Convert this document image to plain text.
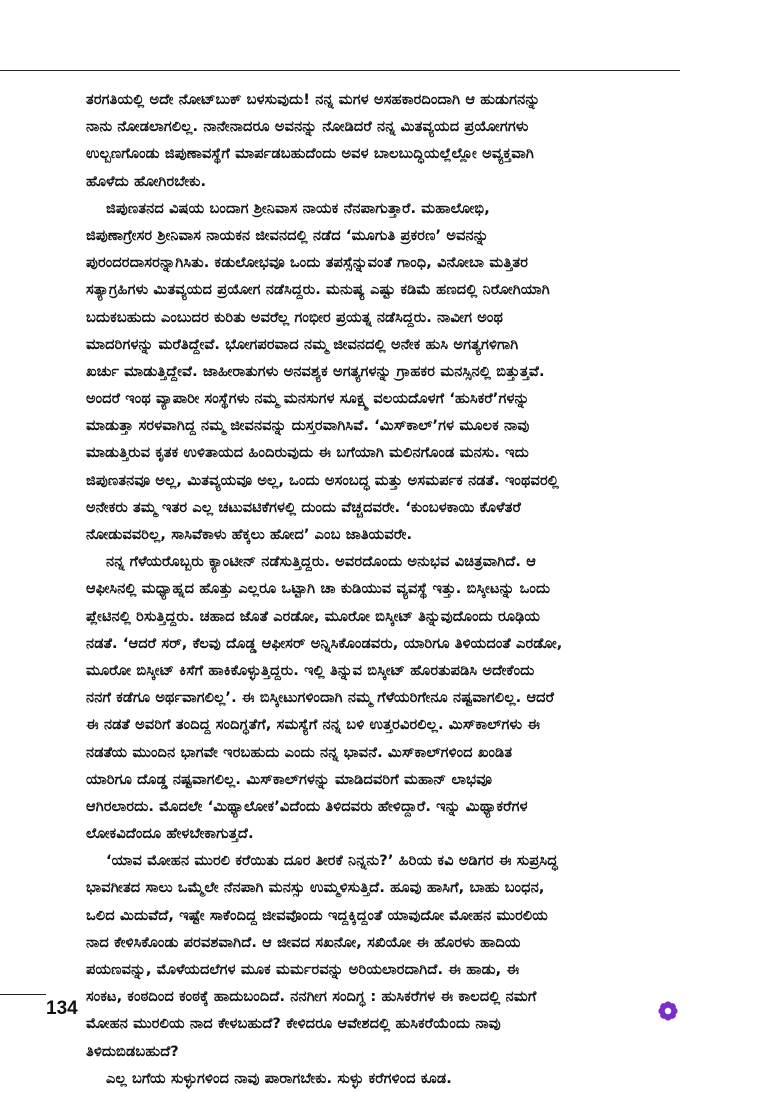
ತರಗತಿಯಲ್ಲಿ ಅದೇ ನೋಟ್‌ಬುಕ್ ಬಳಸುವುದು! ನನ್ನ ಮಗಳ ಅಸಹಕಾರದಿಂದಾಗಿ ಆ ಹುಡುಗನನ್ನು
ನಾನು ನೋಡಲಾಗಲಿಲ್ಲ. ನಾನೇನಾದರೂ ಅವನನ್ನು ನೋಡಿದರೆ ನನ್ನ ಮಿತವ್ಯಯದ ಪ್ರಯೋಗಗಳು
ಉಲ್ಬಣಗೊಂಡು ಜಿಪುಣಾವಸ್ಥೆಗೆ ಮಾರ್ಪಡಬಹುದೆಂದು ಅವಳ ಬಾಲಬುದ್ಧಿಯಲ್ಲೆಲ್ಲೋ ಅವ್ಯಕ್ತವಾಗಿ
ಹೊಳೆದು ಹೋಗಿರಬೇಕು.
ಜಿಪುಣತನದ ವಿಷಯ ಬಂದಾಗ ಶ್ರೀನಿವಾಸ ನಾಯಕ ನೆನಪಾಗುತ್ತಾರೆ. ಮಹಾಲೋಭಿ,
ಜಿಪುಣಾಗ್ರೇಸರ ಶ್ರೀನಿವಾಸ ನಾಯಕನ ಜೀವನದಲ್ಲಿ ನಡೆದ ‘ಮೂಗುತಿ ಪ್ರಕರಣ’ ಅವನನ್ನು
ಪುರಂದರದಾಸರನ್ನಾಗಿಸಿತು. ಕಡುಲೋಭವೂ ಒಂದು ತಪಸ್ಸೆನ್ನುವಂತೆ ಗಾಂಧಿ, ವಿನೋಬಾ ಮತ್ತಿತರ
ಸತ್ಯಾಗ್ರಹಿಗಳು ಮಿತವ್ಯಯದ ಪ್ರಯೋಗ ನಡೆಸಿದ್ದರು. ಮನುಷ್ಯ ಎಷ್ಟು ಕಡಿಮೆ ಹಣದಲ್ಲಿ ನಿರೋಗಿಯಾಗಿ
ಬದುಕಬಹುದು ಎಂಬುದರ ಕುರಿತು ಅವರೆಲ್ಲ ಗಂಭೀರ ಪ್ರಯತ್ನ ನಡೆಸಿದ್ದರು. ನಾವೀಗ ಅಂಥ
ಮಾದರಿಗಳನ್ನು ಮರೆತಿದ್ದೇವೆ. ಭೋಗಪರವಾದ ನಮ್ಮ ಜೀವನದಲ್ಲಿ ಅನೇಕ ಹುಸಿ ಅಗತ್ಯಗಳಿಗಾಗಿ
ಖರ್ಚು ಮಾಡುತ್ತಿದ್ದೇವೆ. ಜಾಹೀರಾತುಗಳು ಅನವಶ್ಯಕ ಅಗತ್ಯಗಳನ್ನು ಗ್ರಾಹಕರ ಮನಸ್ಸಿನಲ್ಲಿ ಬಿತ್ತುತ್ತವೆ.
ಅಂದರೆ ಇಂಥ ವ್ಯಾಪಾರೀ ಸಂಸ್ಥೆಗಳು ನಮ್ಮ ಮನಸುಗಳ ಸೂಕ್ಷ್ಮ ವಲಯದೊಳಗೆ ‘ಹುಸಿಕರೆ’ಗಳನ್ನು
ಮಾಡುತ್ತಾ ಸರಳವಾಗಿದ್ದ ನಮ್ಮ ಜೀವನವನ್ನು ದುಸ್ತರವಾಗಿಸಿವೆ. ‘ಮಿಸ್‌ಕಾಲ್’ಗಳ ಮೂಲಕ ನಾವು
ಮಾಡುತ್ತಿರುವ ಕೃತಕ ಉಳಿತಾಯದ ಹಿಂದಿರುವುದು ಈ ಬಗೆಯಾಗಿ ಮಲಿನಗೊಂಡ ಮನಸು. ಇದು
ಜಿಪುಣತನವೂ ಅಲ್ಲ, ಮಿತವ್ಯಯವೂ ಅಲ್ಲ, ಒಂದು ಅಸಂಬದ್ಧ ಮತ್ತು ಅಸಮರ್ಪಕ ನಡತೆ. ಇಂಥವರಲ್ಲಿ
ಅನೇಕರು ತಮ್ಮ ಇತರ ಎಲ್ಲ ಚಟುವಟಿಕೆಗಳಲ್ಲಿ ದುಂದು ವೆಚ್ಚದವರೇ. ‘ಕುಂಬಳಕಾಯಿ ಕೊಳೆತರೆ
ನೋಡುವವರಿಲ್ಲ, ಸಾಸಿವೆಕಾಳು ಹೆಕ್ಕಲು ಹೋದ’ ಎಂಬ ಜಾತಿಯವರೇ.
ನನ್ನ ಗೆಳೆಯರೊಬ್ಬರು ಕ್ಯಾಂಟೀನ್ ನಡೆಸುತ್ತಿದ್ದರು. ಅವರದೊಂದು ಅನುಭವ ವಿಚಿತ್ರವಾಗಿದೆ. ಆ
ಆಫೀಸಿನಲ್ಲಿ ಮಧ್ಯಾಹ್ನದ ಹೊತ್ತು ಎಲ್ಲರೂ ಒಟ್ಟಾಗಿ ಚಾ ಕುಡಿಯುವ ವ್ಯವಸ್ಥೆ ಇತ್ತು. ಬಿಸ್ಕೀಟನ್ನು ಒಂದು
ಪ್ಲೇಟಿನಲ್ಲಿ ರಿಸುತ್ತಿದ್ದರು. ಚಹಾದ ಜೊತೆ ಎರಡೋ, ಮೂರೋ ಬಿಸ್ಕೀಟ್ ತಿನ್ನುವುದೊಂದು ರೂಢಿಯ
ನಡತೆ. ‘ಆದರೆ ಸರ್, ಕೆಲವು ದೊಡ್ಡ ಆಫೀಸರ್ ಅನ್ನಿಸಿಕೊಂಡವರು, ಯಾರಿಗೂ ತಿಳಿಯದಂತೆ ಎರಡೋ,
ಮೂರೋ ಬಿಸ್ಕೀಟ್ ಕಿಸೆಗೆ ಹಾಕಿಕೊಳ್ಳುತ್ತಿದ್ದರು. ಇಲ್ಲಿ ತಿನ್ನುವ ಬಿಸ್ಕೀಟ್ ಹೊರತುಪಡಿಸಿ ಅದೇಕೆಂದು
ನನಗೆ ಕಡೆಗೂ ಅರ್ಥವಾಗಲಿಲ್ಲ’. ಈ ಬಿಸ್ಕೀಟುಗಳಿಂದಾಗಿ ನಮ್ಮ ಗೆಳೆಯರಿಗೇನೂ ನಷ್ಟವಾಗಲಿಲ್ಲ. ಆದರೆ
ಈ ನಡತೆ ಅವರಿಗೆ ತಂದಿದ್ದ ಸಂದಿಗ್ಧತೆಗೆ, ಸಮಸ್ಯೆಗೆ ನನ್ನ ಬಳಿ ಉತ್ತರವಿರಲಿಲ್ಲ. ಮಿಸ್‌ಕಾಲ್‌ಗಳು ಈ
ನಡತೆಯ ಮುಂದಿನ ಭಾಗವೇ ಇರಬಹುದು ಎಂದು ನನ್ನ ಭಾವನೆ. ಮಿಸ್‌ಕಾಲ್‌ಗಳಿಂದ ಖಂಡಿತ
ಯಾರಿಗೂ ದೊಡ್ಡ ನಷ್ಟವಾಗಲಿಲ್ಲ. ಮಿಸ್‌ಕಾಲ್‌ಗಳನ್ನು ಮಾಡಿದವರಿಗೆ ಮಹಾನ್ ಲಾಭವೂ
ಆಗಿರಲಾರದು. ಮೊದಲೇ ‘ಮಿಥ್ಯಾಲೋಕ’ವಿದೆಂದು ತಿಳಿದವರು ಹೇಳಿದ್ದಾರೆ. ಇನ್ನು ಮಿಥ್ಯಾಕರೆಗಳ
ಲೋಕವಿದೆಂದೂ ಹೇಳಬೇಕಾಗುತ್ತದೆ.
‘ಯಾವ ಮೋಹನ ಮುರಲಿ ಕರೆಯಿತು ದೂರ ತೀರಕೆ ನಿನ್ನನು?’ ಹಿರಿಯ ಕವಿ ಅಡಿಗರ ಈ ಸುಪ್ರಸಿದ್ಧ
ಭಾವಗೀತದ ಸಾಲು ಒಮ್ಮೆಲೇ ನೆನಪಾಗಿ ಮನಸ್ಸು ಉಮ್ಮಳಿಸುತ್ತಿದೆ. ಹೂವು ಹಾಸಿಗೆ, ಬಾಹು ಬಂಧನ,
ಒಲಿದ ಮಿದುವೆದೆ, ಇಷ್ಟೇ ಸಾಕೆಂದಿದ್ದ ಜೀವವೊಂದು ಇದ್ದಕ್ಕಿದ್ದಂತೆ ಯಾವುದೋ ಮೋಹನ ಮುರಲಿಯ
ನಾದ ಕೇಳಿಸಿಕೊಂಡು ಪರವಶವಾಗಿದೆ. ಆ ಜೀವದ ಸಖನೋ, ಸಖಿಯೋ ಈ ಹೊರಳು ಹಾದಿಯ
ಪಯಣವನ್ನು, ಮೊಳೆಯದಲೆಗಳ ಮೂಕ ಮರ್ಮರವನ್ನು ಅರಿಯಲಾರದಾಗಿದೆ. ಈ ಹಾಡು, ಈ
ಸಂಕಟ, ಕಂಠದಿಂದ ಕಂಠಕ್ಕೆ ಹಾದುಬಂದಿದೆ. ನನಗೀಗ ಸಂದಿಗ್ಧ : ಹುಸಿಕರೆಗಳ ಈ ಕಾಲದಲ್ಲಿ ನಮಗೆ
ಮೋಹನ ಮುರಲಿಯ ನಾದ ಕೇಳಬಹುದೆ? ಕೇಳಿದರೂ ಆವೇಶದಲ್ಲಿ ಹುಸಿಕರೆಯೆಂದು ನಾವು
ತಿಳಿದುಬಿಡಬಹುದೆ?
ಎಲ್ಲ ಬಗೆಯ ಸುಳ್ಳುಗಳಿಂದ ನಾವು ಪಾರಾಗಬೇಕು. ಸುಳ್ಳು ಕರೆಗಳಿಂದ ಕೂಡ.
134
